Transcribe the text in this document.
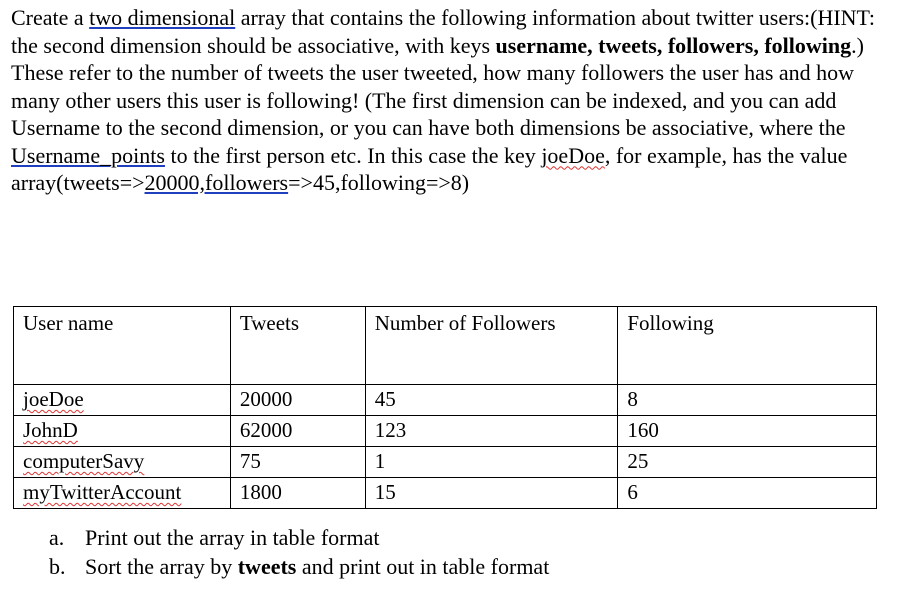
Create a two dimensional array that contains the following information about twitter users:(HINT: the second dimension should be associative, with keys username, tweets, followers, following.) These refer to the number of tweets the user tweeted, how many followers the user has and how many other users this user is following! (The first dimension can be indexed, and you can add Username to the second dimension, or you can have both dimensions be associative, where the Username_points to the first person etc. In this case the key joeDoe, for example, has the value array(tweets=>20000,followers=>45,following=>8)
User name	Tweets	Number of Followers	Following
joeDoe	20000	45	8
JohnD	62000	123	160
computerSavy	75	1	25
myTwitterAccount	1800	15	6
a. Print out the array in table format
b. Sort the array by tweets and print out in table format
